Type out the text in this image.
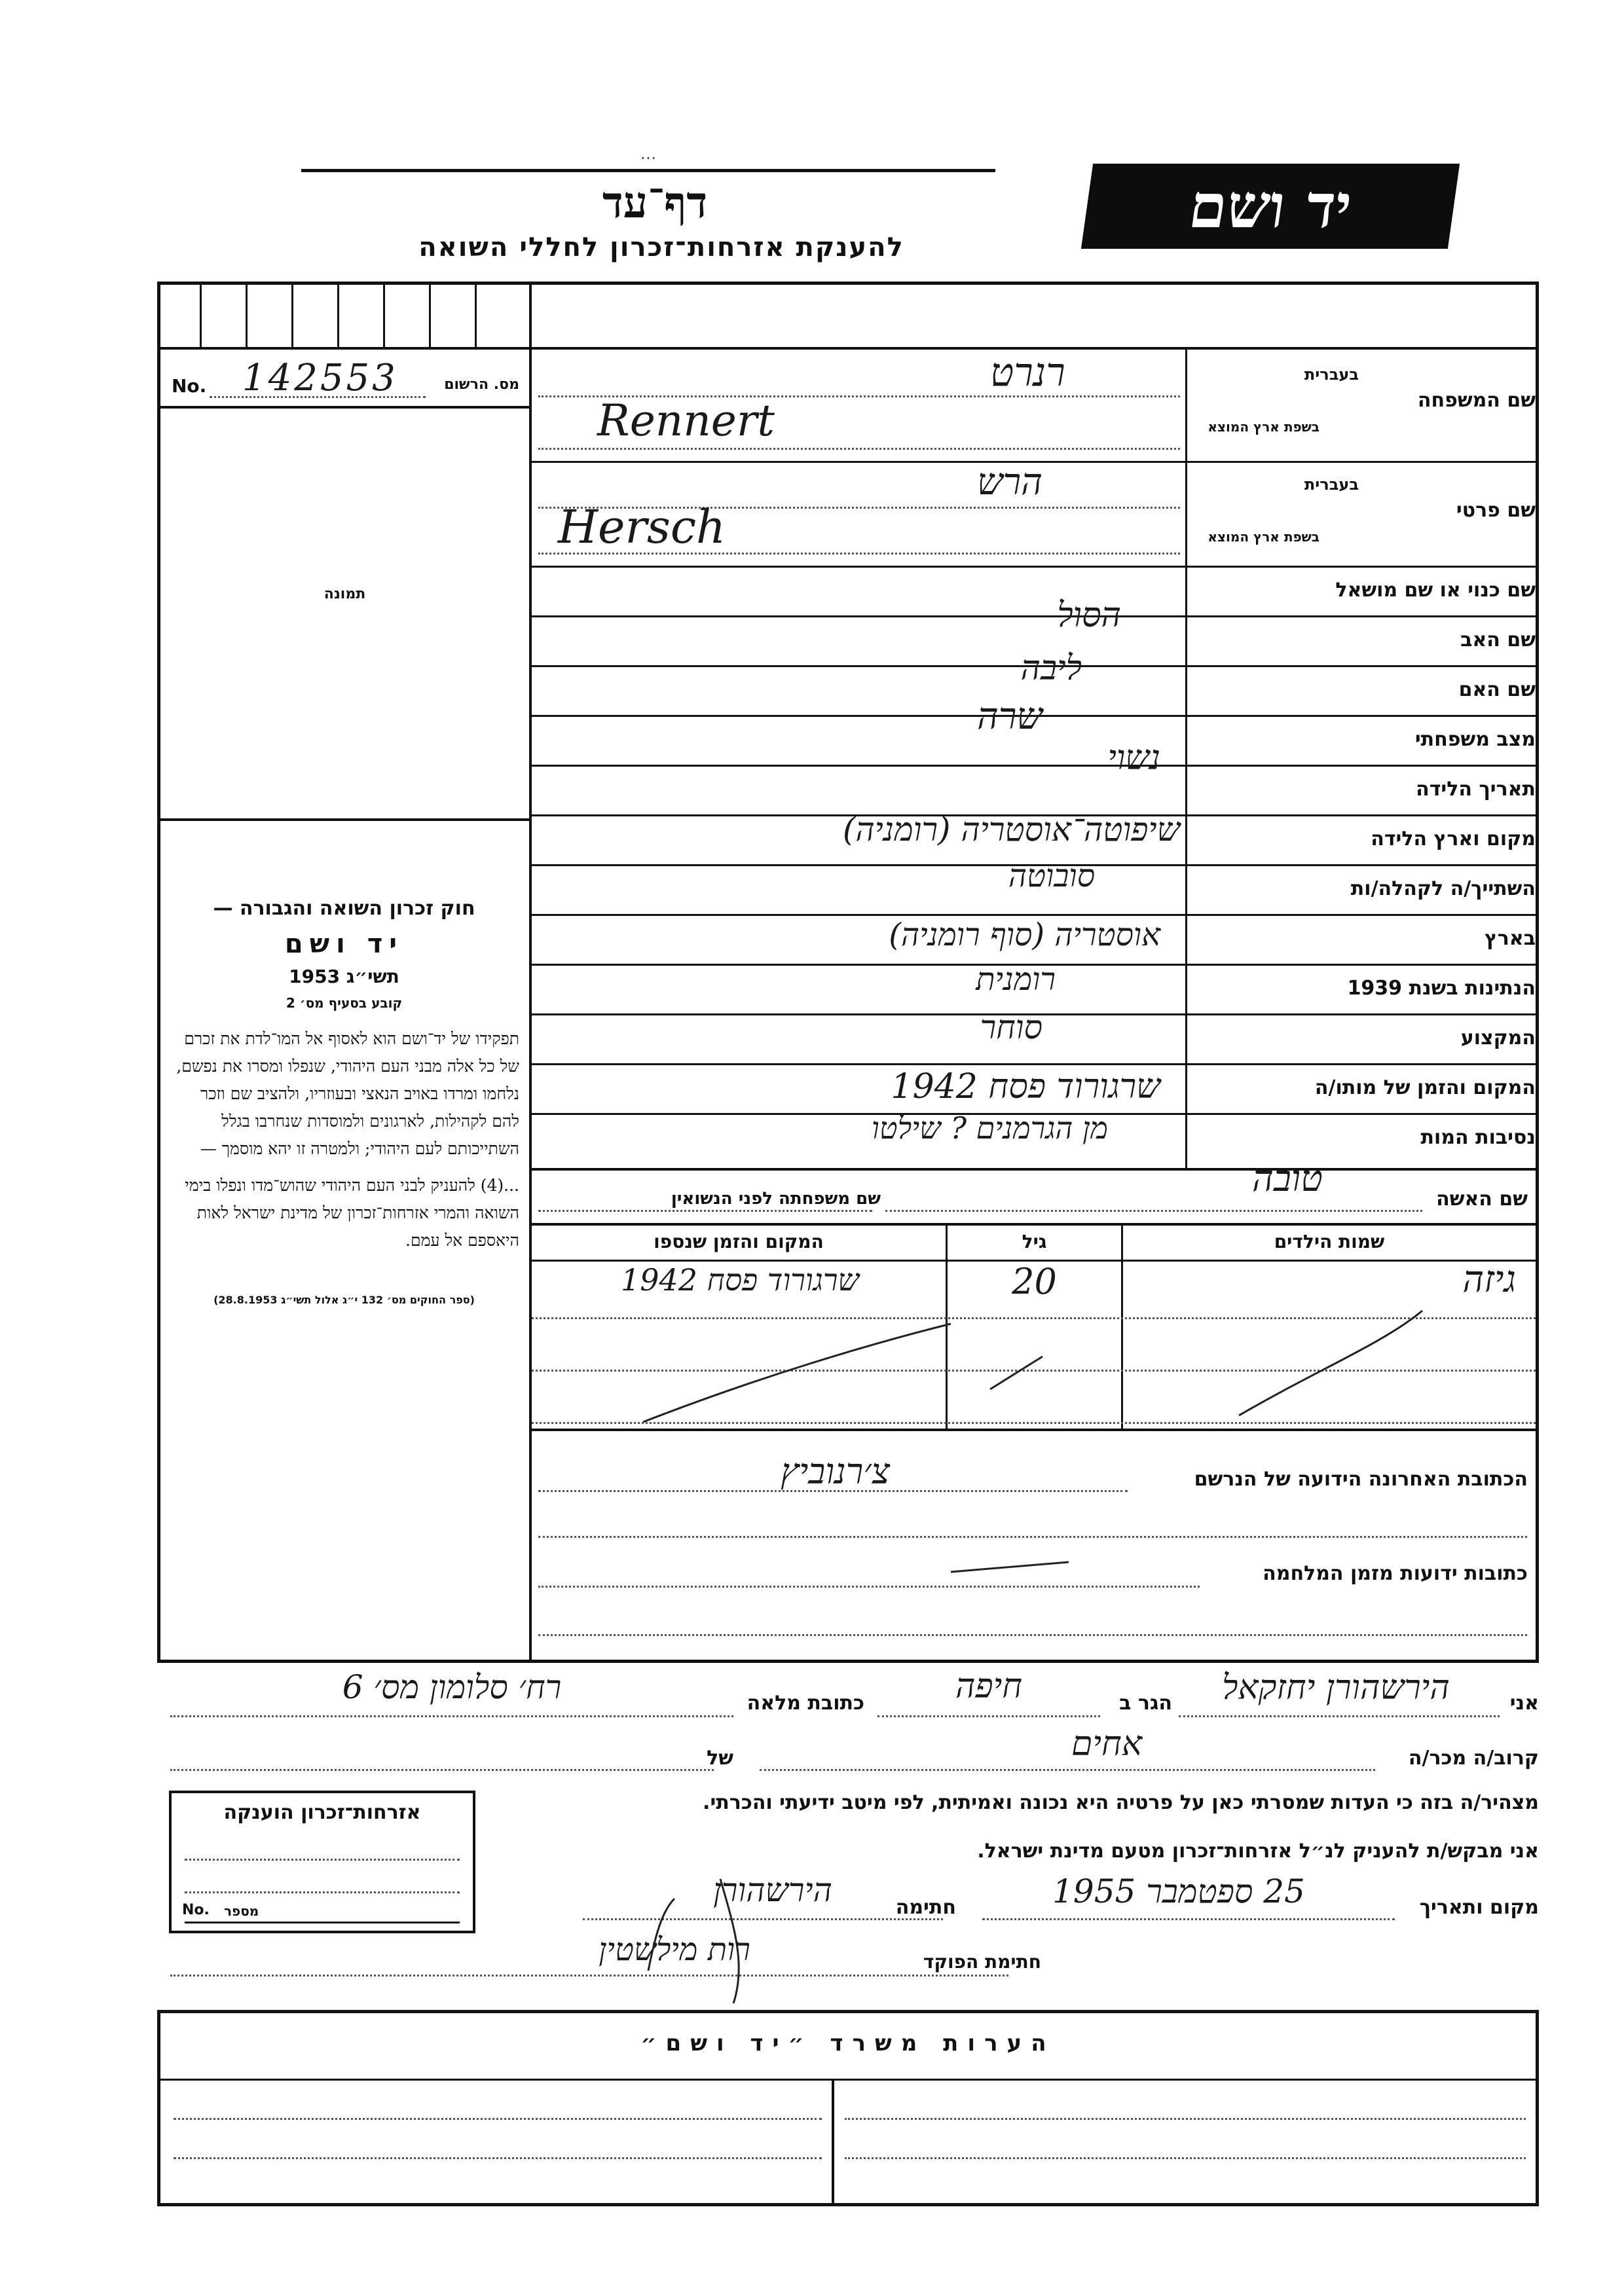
...
יד ושם
דף־עד
להענקת אזרחות־זכרון לחללי השואה
No. 142553	מס. הרשום
תמונה
חוק זכרון השואה והגבורה —
יד ושם
תשי״ג 1953
קובע בסעיף מס׳ 2
תפקידו של יד־ושם הוא לאסוף אל המו־לדת את זכרם של כל אלה מבני העם היהודי, שנפלו ומסרו את נפשם, נלחמו ומרדו באויב הנאצי ובעוזריו, ולהציב שם וזכר להם לקהילות, לארגונים ולמוסדות שנחרבו בגלל השתייכותם לעם היהודי; ולמטרה זו יהא מוסמך —
...(4) להעניק לבני העם היהודי שהוש־מדו ונפלו בימי השואה והמרי אזרחות־זכרון של מדינת ישראל לאות היאספם אל עמם.
(ספר החוקים מס׳ 132 י״ג אלול תשי״ג 28.8.1953)
בעברית
שם המשפחה
בשפת ארץ המוצא
רנרט
Rennert
בעברית
שם פרטי
בשפת ארץ המוצא
הרש
Hersch
שם כנוי או שם מושאל
שם האב
הסול
שם האם
ליבה
מצב משפחתי
שרה
תאריך הלידה
נשוי
מקום וארץ הלידה
שיפוטה־אוסטריה (רומניה)
השתייך/ה לקהלה/ות
סובוטה
בארץ
אוסטריה (סוף רומניה)
הנתינות בשנת 1939
רומנית
המקצוע
סוחר
המקום והזמן של מותו/ה
שרגורוד פסח 1942
נסיבות המות
מן הגרמנים ? שילטו
שם האשה
טובה
שם משפחתה לפני הנשואין
שמות הילדים
גיל
המקום והזמן שנספו
גיזה
20
שרגורוד פסח 1942
הכתובת האחרונה הידועה של הנרשם
צ׳רנוביץ
כתובות ידועות מזמן המלחמה
אני
הירשהורן יחזקאל
הגר ב
חיפה
כתובת מלאה
רח׳ סלומון מס׳ 6
קרוב/ה מכר/ה
אחים
של
מצהיר/ה בזה כי העדות שמסרתי כאן על פרטיה היא נכונה ואמיתית, לפי מיטב ידיעתי והכרתי.
אני מבקש/ת להעניק לנ״ל אזרחות־זכרון מטעם מדינת ישראל.
מקום ותאריך
25 ספטמבר 1955
חתימה
הירשהורן
חתימת הפוקד
רות מילשטין
אזרחות־זכרון הוענקה
No. מספר
הערות משרד ״יד ושם״
